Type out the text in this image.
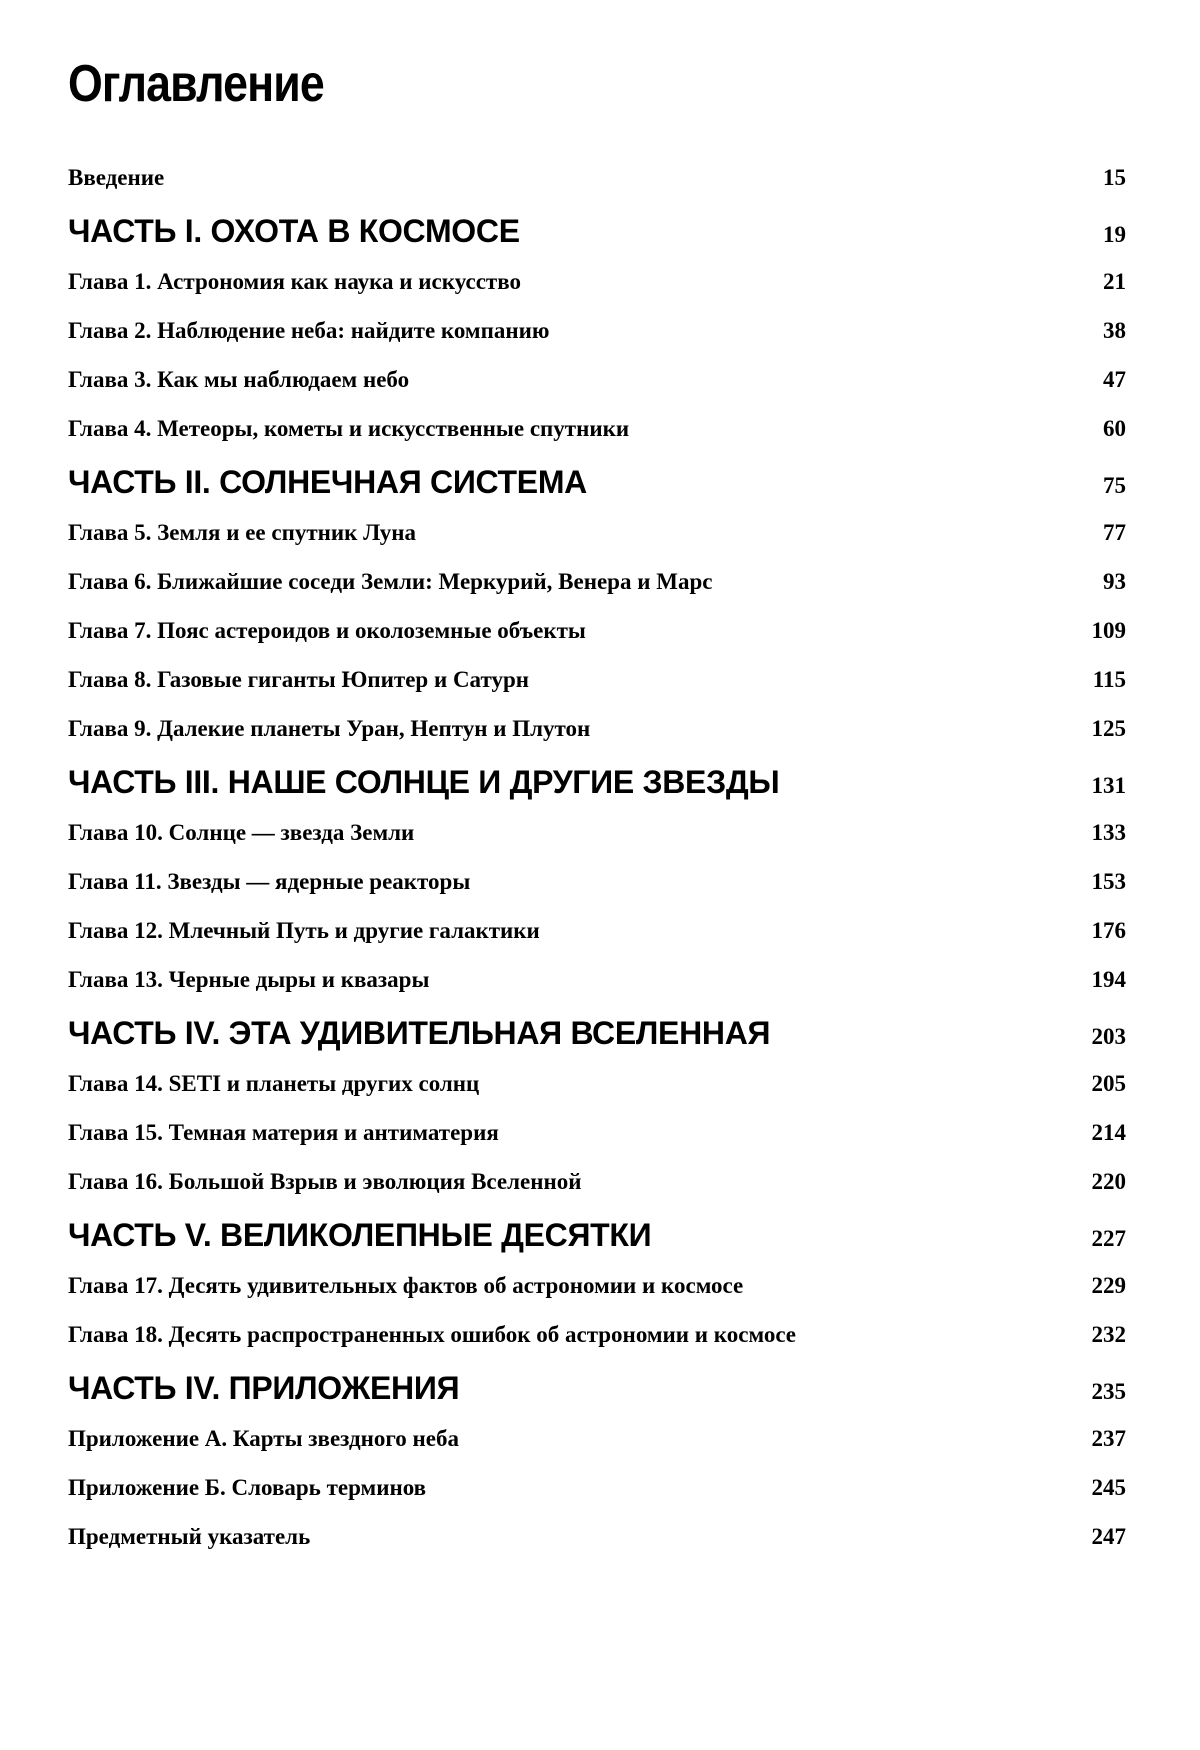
Оглавление
Введение	15
ЧАСТЬ I. ОХОТА В КОСМОСЕ	19
Глава 1. Астрономия как наука и искусство	21
Глава 2. Наблюдение неба: найдите компанию	38
Глава 3. Как мы наблюдаем небо	47
Глава 4. Метеоры, кометы и искусственные спутники	60
ЧАСТЬ II. СОЛНЕЧНАЯ СИСТЕМА	75
Глава 5. Земля и ее спутник Луна	77
Глава 6. Ближайшие соседи Земли: Меркурий, Венера и Марс	93
Глава 7. Пояс астероидов и околоземные объекты	109
Глава 8. Газовые гиганты Юпитер и Сатурн	115
Глава 9. Далекие планеты Уран, Нептун и Плутон	125
ЧАСТЬ III. НАШЕ СОЛНЦЕ И ДРУГИЕ ЗВЕЗДЫ	131
Глава 10. Солнце — звезда Земли	133
Глава 11. Звезды — ядерные реакторы	153
Глава 12. Млечный Путь и другие галактики	176
Глава 13. Черные дыры и квазары	194
ЧАСТЬ IV. ЭТА УДИВИТЕЛЬНАЯ ВСЕЛЕННАЯ	203
Глава 14. SETI и планеты других солнц	205
Глава 15. Темная материя и антиматерия	214
Глава 16. Большой Взрыв и эволюция Вселенной	220
ЧАСТЬ V. ВЕЛИКОЛЕПНЫЕ ДЕСЯТКИ	227
Глава 17. Десять удивительных фактов об астрономии и космосе	229
Глава 18. Десять распространенных ошибок об астрономии и космосе	232
ЧАСТЬ IV. ПРИЛОЖЕНИЯ	235
Приложение А. Карты звездного неба	237
Приложение Б. Словарь терминов	245
Предметный указатель	247
